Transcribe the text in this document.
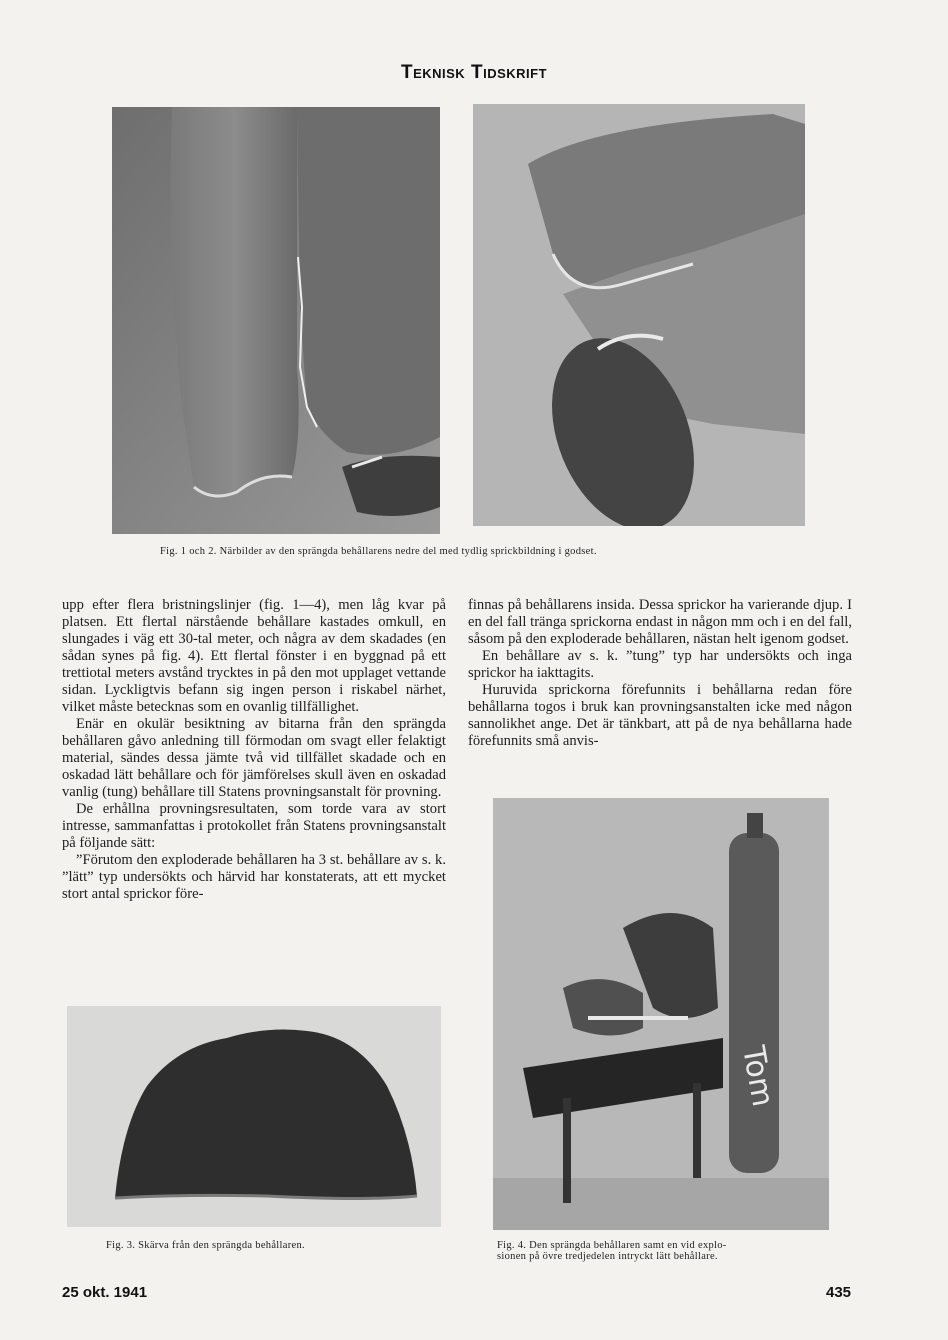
Teknisk Tidskrift
Fig. 1 och 2. Närbilder av den sprängda behållarens nedre del med tydlig sprickbildning i godset.

upp efter flera bristningslinjer (fig. 1—4), men låg kvar på platsen. Ett flertal närstående behållare kastades omkull, en slungades i väg ett 30-tal meter, och några av dem skadades (en sådan synes på fig. 4). Ett flertal fönster i en byggnad på ett trettiotal meters avstånd trycktes in på den mot upplaget vettande sidan. Lyckligtvis befann sig ingen person i riskabel närhet, vilket måste betecknas som en ovanlig tillfällighet.

Enär en okulär besiktning av bitarna från den sprängda behållaren gåvo anledning till förmodan om svagt eller felaktigt material, sändes dessa jämte två vid tillfället skadade och en oskadad lätt behållare och för jämförelses skull även en oskadad vanlig (tung) behållare till Statens provningsanstalt för provning.

De erhållna provningsresultaten, som torde vara av stort intresse, sammanfattas i protokollet från Statens provningsanstalt på följande sätt:

”Förutom den exploderade behållaren ha 3 st. behållare av s. k. ”lätt” typ undersökts och härvid har konstaterats, att ett mycket stort antal sprickor före-

finnas på behållarens insida. Dessa sprickor ha varierande djup. I en del fall tränga sprickorna endast in någon mm och i en del fall, såsom på den exploderade behållaren, nästan helt igenom godset.

En behållare av s. k. ”tung” typ har undersökts och inga sprickor ha iakttagits.

Huruvida sprickorna förefunnits i behållarna redan före behållarna togos i bruk kan provningsanstalten icke med någon sannolikhet ange. Det är tänkbart, att på de nya behållarna hade förefunnits små anvis-

Fig. 3. Skärva från den sprängda behållaren.
Tom
Fig. 4. Den sprängda behållaren samt en vid explo-
sionen på övre tredjedelen intryckt lätt behållare.
25 okt. 1941	435
